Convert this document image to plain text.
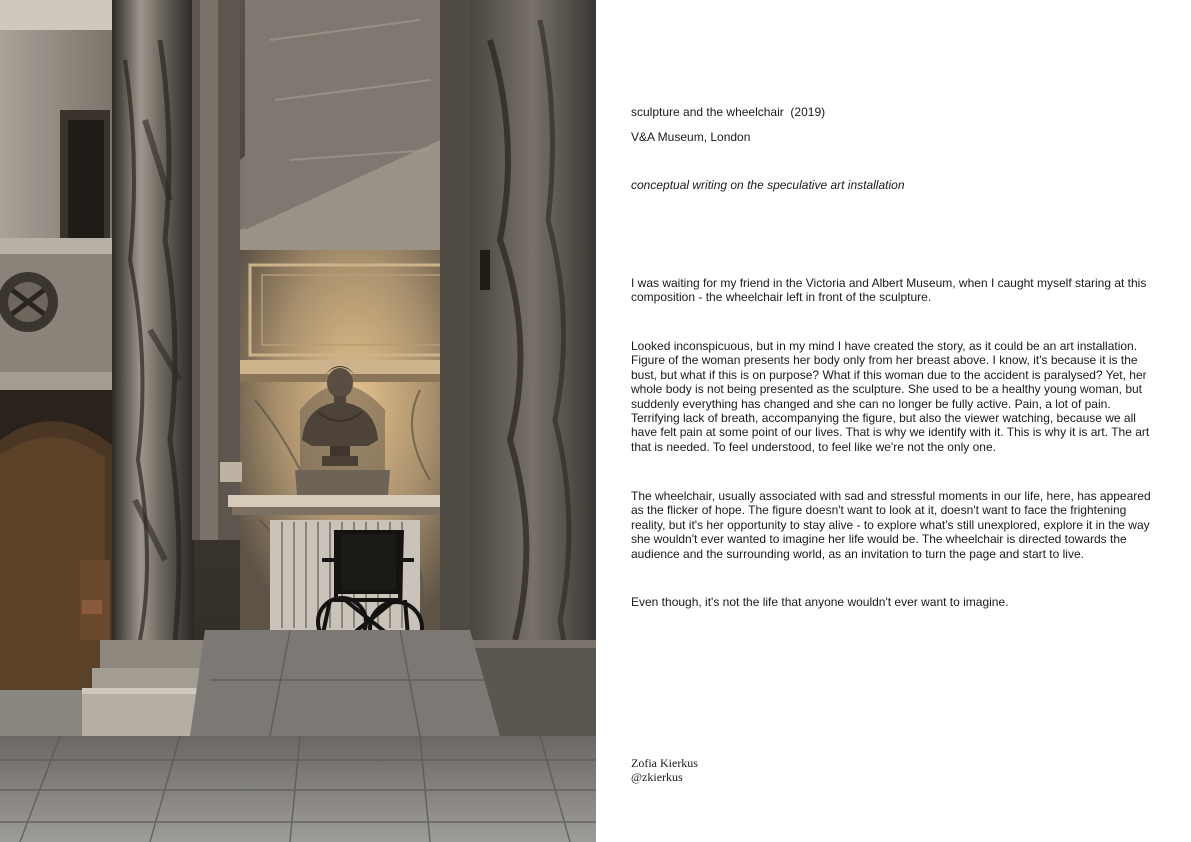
sculpture and the wheelchair  (2019)
V&A Museum, London
conceptual writing on the speculative art installation

I was waiting for my friend in the Victoria and Albert Museum, when I caught myself staring at this composition - the wheelchair left in front of the sculpture.

Looked inconspicuous, but in my mind I have created the story, as it could be an art installation. Figure of the woman presents her body only from her breast above. I know, it's because it is the bust, but what if this is on purpose? What if this woman due to the accident is paralysed? Yet, her whole body is not being presented as the sculpture. She used to be a healthy young woman, but suddenly everything has changed and she can no longer be fully active. Pain, a lot of pain. Terrifying lack of breath, accompanying the figure, but also the viewer watching, because we all have felt pain at some point of our lives. That is why we identify with it. This is why it is art. The art that is needed. To feel understood, to feel like we're not the only one.

The wheelchair, usually associated with sad and stressful moments in our life, here, has appeared as the flicker of hope. The figure doesn't want to look at it, doesn't want to face the frightening reality, but it's her opportunity to stay alive - to explore what's still unexplored, explore it in the way she wouldn't ever wanted to imagine her life would be. The wheelchair is directed towards the audience and the surrounding world, as an invitation to turn the page and start to live.

Even though, it's not the life that anyone wouldn't ever want to imagine.

Zofia Kierkus
@zkierkus
